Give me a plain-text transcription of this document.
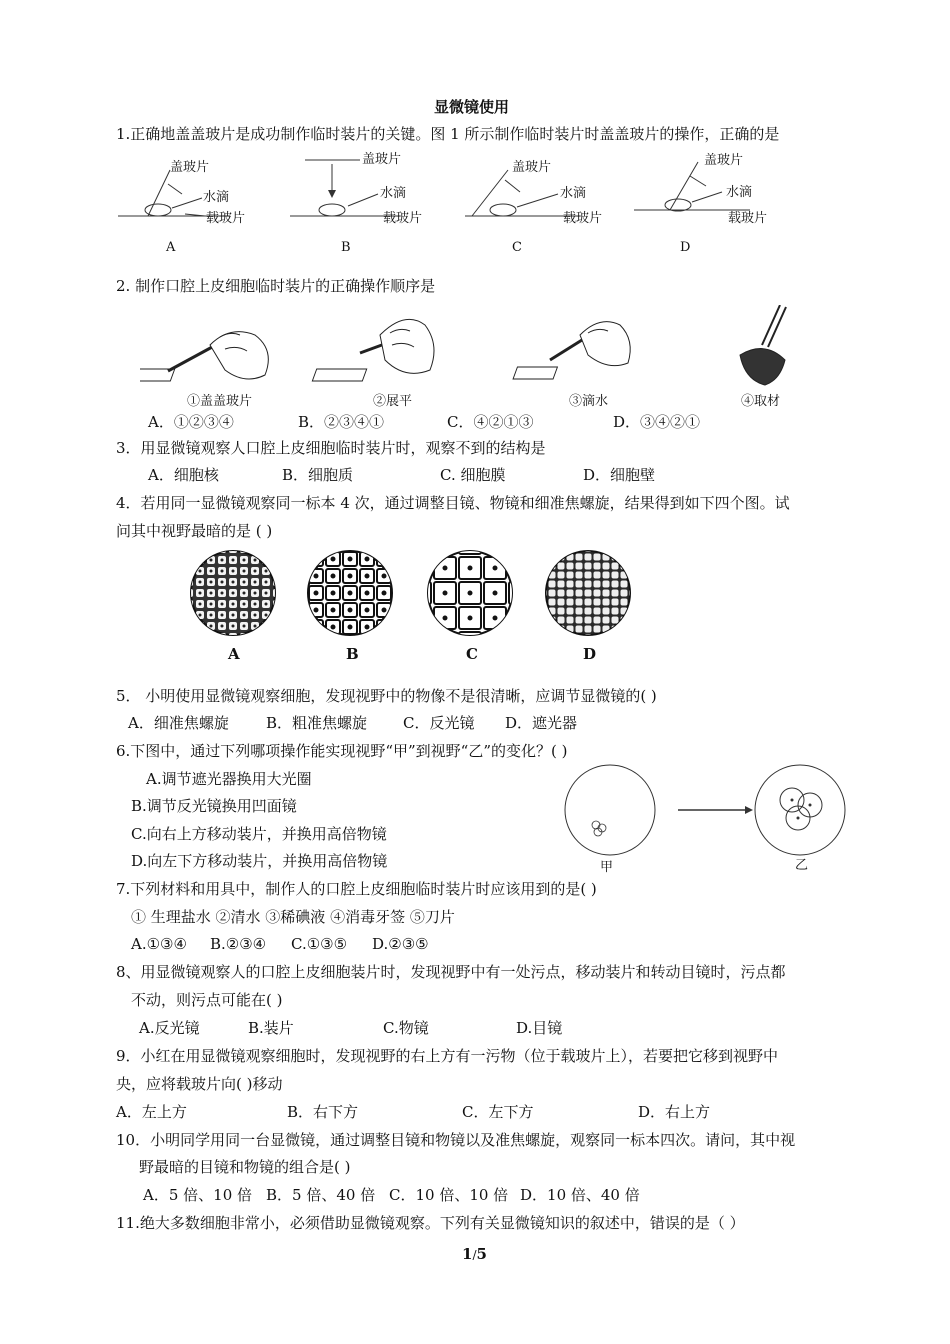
显微镜使用
1.正确地盖盖玻片是成功制作临时装片的关键。图 1 所示制作临时装片时盖盖玻片的操作，正确的是
盖玻片
水滴
载玻片
盖玻片
水滴
载玻片
盖玻片
水滴
载玻片
盖玻片
水滴
载玻片
A	B	C	D
2. 制作口腔上皮细胞临时装片的正确操作顺序是
①盖盖玻片	②展平	③滴水	④取材
A．①②③④	B．②③④①	C．④②①③	D．③④②①
3．用显微镜观察人口腔上皮细胞临时装片时，观察不到的结构是
A．细胞核	B．细胞质	C. 细胞膜	D．细胞壁
4．若用同一显微镜观察同一标本 4 次，通过调整目镜、物镜和细准焦螺旋，结果得到如下四个图。试
问其中视野最暗的是 ( )
A	B	C	D
5． 小明使用显微镜观察细胞，发现视野中的物像不是很清晰，应调节显微镜的( )
A．细准焦螺旋 B．粗准焦螺旋 C．反光镜 D．遮光器
6.下图中，通过下列哪项操作能实现视野“甲”到视野“乙”的变化？( )
A.调节遮光器换用大光圈
B.调节反光镜换用凹面镜
C.向右上方移动装片，并换用高倍物镜
D.向左下方移动装片，并换用高倍物镜	甲	乙
7.下列材料和用具中，制作人的口腔上皮细胞临时装片时应该用到的是( )
① 生理盐水 ②清水 ③稀碘液 ④消毒牙签 ⑤刀片
A.①③④ B.②③④ C.①③⑤ D.②③⑤
8、用显微镜观察人的口腔上皮细胞装片时，发现视野中有一处污点，移动装片和转动目镜时，污点都
不动，则污点可能在( )
A.反光镜	B.装片	C.物镜	D.目镜
9．小红在用显微镜观察细胞时，发现视野的右上方有一污物（位于载玻片上），若要把它移到视野中
央，应将载玻片向( )移动
A．左上方	B．右下方	C．左下方	D．右上方
10．小明同学用同一台显微镜，通过调整目镜和物镜以及准焦螺旋，观察同一标本四次。请问，其中视
野最暗的目镜和物镜的组合是( )
A．5 倍、10 倍 B．5 倍、40 倍 C．10 倍、10 倍 D．10 倍、40 倍
11.绝大多数细胞非常小，必须借助显微镜观察。下列有关显微镜知识的叙述中，错误的是（ ）
1/5
